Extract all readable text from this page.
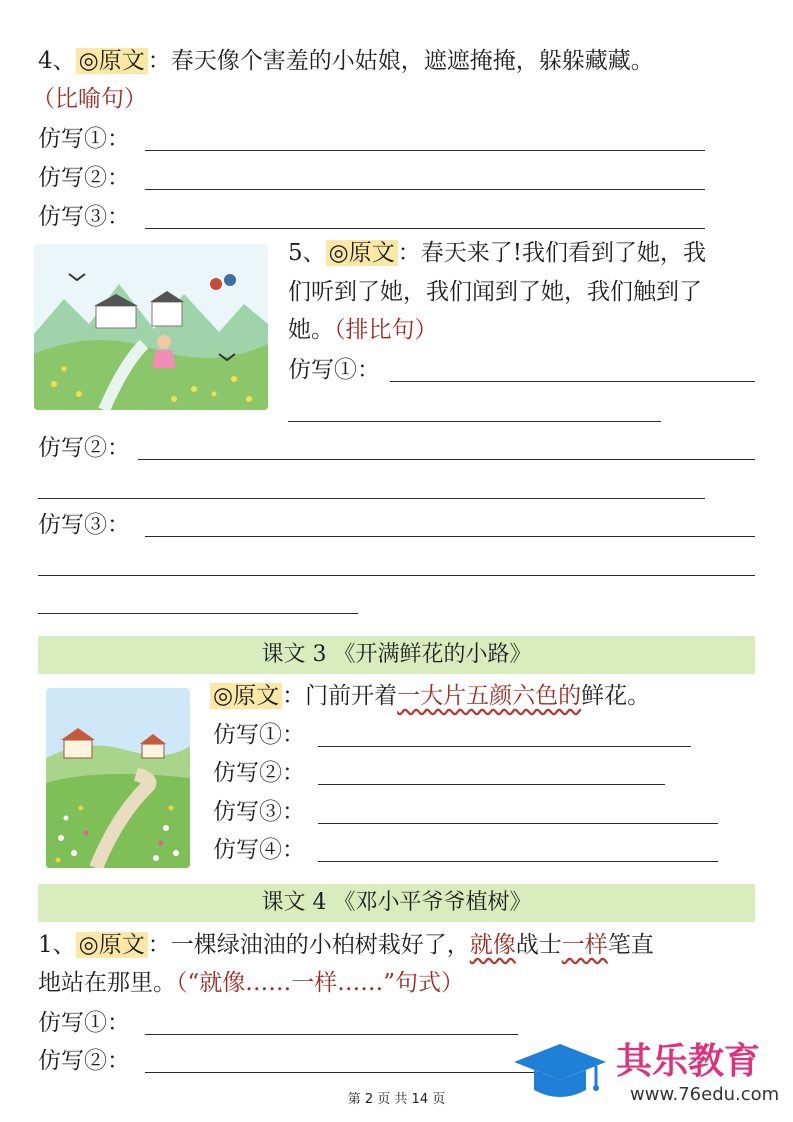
4、 ◎原文 ：春天像个害羞的小姑娘，遮遮掩掩，躲躲藏藏。
（比喻句）
仿写①：
仿写②：
仿写③：
5、 ◎原文 ：春天来了!我们看到了她，我
们听到了她，我们闻到了她，我们触到了
她。（排比句）
仿写①：
仿写②：
仿写③：
课文 3 《开满鲜花的小路》
◎原文 ：门前开着一大片五颜六色的鲜花。
仿写①：
仿写②：
仿写③：
仿写④：
课文 4 《邓小平爷爷植树》
1、 ◎原文 ：一棵绿油油的小柏树栽好了，就像战士一样笔直
地站在那里。（“就像……一样……”句式）
仿写①：
仿写②：	其乐教育
www.76edu.com
第 2 页 共 14 页
